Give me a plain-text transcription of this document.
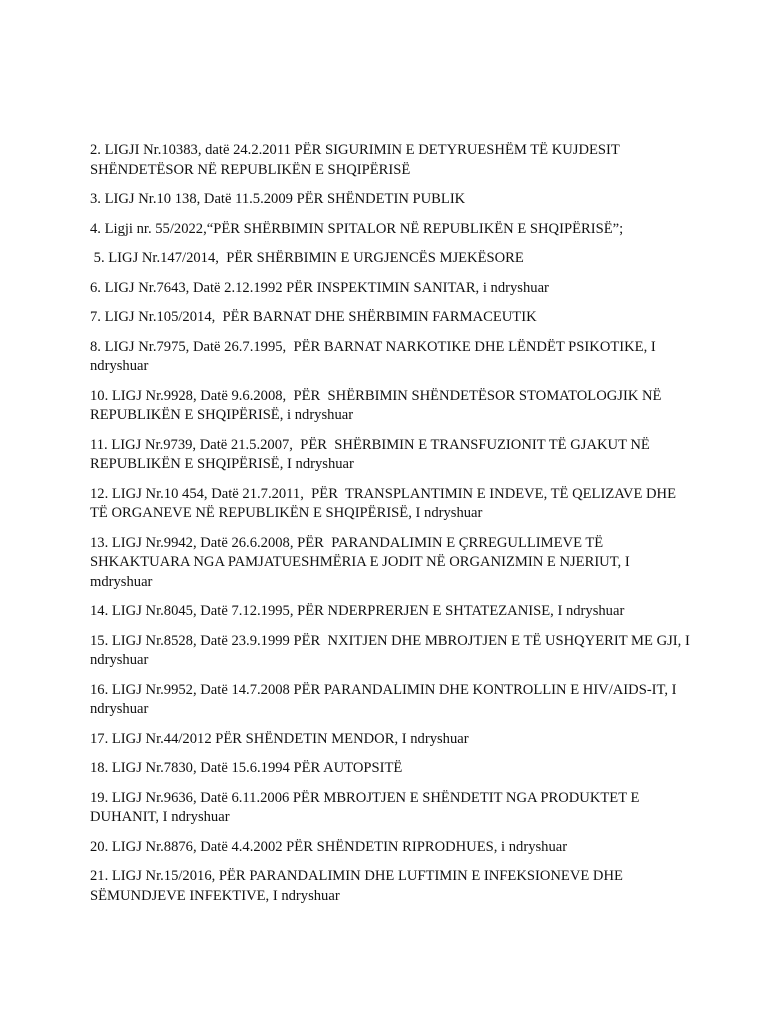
2. LIGJI Nr.10383, datë 24.2.2011 PËR SIGURIMIN E DETYRUESHËM TË KUJDESIT SHËNDETËSOR NË REPUBLIKËN E SHQIPËRISË
3. LIGJ Nr.10 138, Datë 11.5.2009 PËR SHËNDETIN PUBLIK
4. Ligji nr. 55/2022,“PËR SHËRBIMIN SPITALOR NË REPUBLIKËN E SHQIPËRISË”;
5. LIGJ Nr.147/2014,  PËR SHËRBIMIN E URGJENCËS MJEKËSORE
6. LIGJ Nr.7643, Datë 2.12.1992 PËR INSPEKTIMIN SANITAR, i ndryshuar
7. LIGJ Nr.105/2014,  PËR BARNAT DHE SHËRBIMIN FARMACEUTIK
8. LIGJ Nr.7975, Datë 26.7.1995,  PËR BARNAT NARKOTIKE DHE LËNDËT PSIKOTIKE, I ndryshuar
10. LIGJ Nr.9928, Datë 9.6.2008,  PËR  SHËRBIMIN SHËNDETËSOR STOMATOLOGJIK NË REPUBLIKËN E SHQIPËRISË, i ndryshuar
11. LIGJ Nr.9739, Datë 21.5.2007,  PËR  SHËRBIMIN E TRANSFUZIONIT TË GJAKUT NË REPUBLIKËN E SHQIPËRISË, I ndryshuar
12. LIGJ Nr.10 454, Datë 21.7.2011,  PËR  TRANSPLANTIMIN E INDEVE, TË QELIZAVE DHE TË ORGANEVE NË REPUBLIKËN E SHQIPËRISË, I ndryshuar
13. LIGJ Nr.9942, Datë 26.6.2008, PËR  PARANDALIMIN E ÇRREGULLIMEVE TË SHKAKTUARA NGA PAMJATUESHMËRIA E JODIT NË ORGANIZMIN E NJERIUT, I mdryshuar
14. LIGJ Nr.8045, Datë 7.12.1995, PËR NDERPRERJEN E SHTATEZANISE, I ndryshuar
15. LIGJ Nr.8528, Datë 23.9.1999 PËR  NXITJEN DHE MBROJTJEN E TË USHQYERIT ME GJI, I ndryshuar
16. LIGJ Nr.9952, Datë 14.7.2008 PËR PARANDALIMIN DHE KONTROLLIN E HIV/AIDS-IT, I ndryshuar
17. LIGJ Nr.44/2012 PËR SHËNDETIN MENDOR, I ndryshuar
18. LIGJ Nr.7830, Datë 15.6.1994 PËR AUTOPSITË
19. LIGJ Nr.9636, Datë 6.11.2006 PËR MBROJTJEN E SHËNDETIT NGA PRODUKTET E DUHANIT, I ndryshuar
20. LIGJ Nr.8876, Datë 4.4.2002 PËR SHËNDETIN RIPRODHUES, i ndryshuar
21. LIGJ Nr.15/2016, PËR PARANDALIMIN DHE LUFTIMIN E INFEKSIONEVE DHE SËMUNDJEVE INFEKTIVE, I ndryshuar
